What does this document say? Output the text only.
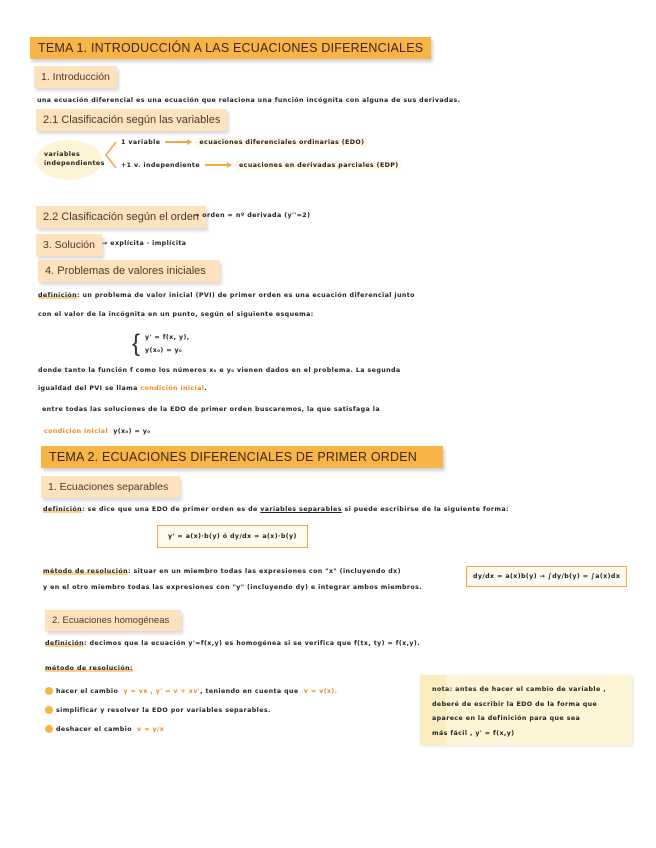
TEMA 1. INTRODUCCIÓN A LAS ECUACIONES DIFERENCIALES
1. Introducción
una ecuación diferencial es una ecuación que relaciona una función incógnita con alguna de sus derivadas.
2.1 Clasificación según las variables
variables independientes
1 variable	ecuaciones diferenciales ordinarias (EDO)
+1 v. independiente	ecuaciones en derivadas parciales (EDP)
2.2 Clasificación según el orden
→ orden = nº derivada (y''=2)
3. Solución	→ explícita · implícita
4. Problemas de valores iniciales
definición: un problema de valor inicial (PVI) de primer orden es una ecuación diferencial junto
con el valor de la incógnita en un punto, según el siguiente esquema:
{ y' = f(x, y),
y(x₀) = y₀
donde tanto la función f como los números x₀ e y₀ vienen dados en el problema. La segunda
igualdad del PVI se llama condición inicial.
entre todas las soluciones de la EDO de primer orden buscaremos, la que satisfaga la
condición inicial y(x₀) = y₀
TEMA 2. ECUACIONES DIFERENCIALES DE PRIMER ORDEN
1. Ecuaciones separables
definición: se dice que una EDO de primer orden es de variables separables si puede escribirse de la siguiente forma:
y' = a(x)·b(y) ó dy/dx = a(x)·b(y)
método de resolución: situar en un miembro todas las expresiones con "x" (incluyendo dx)
y en el otro miembro todas las expresiones con "y" (incluyendo dy) e integrar ambos miembros.
dy/dx = a(x)b(y) → ∫dy/b(y) = ∫a(x)dx
2. Ecuaciones homogéneas
definición: decimos que la ecuación y'=f(x,y) es homogénea si se verifica que f(tx, ty) = f(x,y).
método de resolución:
hacer el cambio y = vx , y' = v + xv', teniendo en cuenta que v = v(x).
simplificar y resolver la EDO por variables separables.
deshacer el cambio v = y/x
nota: antes de hacer el cambio de variable ,
deberé de escribir la EDO de la forma que
aparece en la definición para que sea
más fácil , y' = f(x,y)
